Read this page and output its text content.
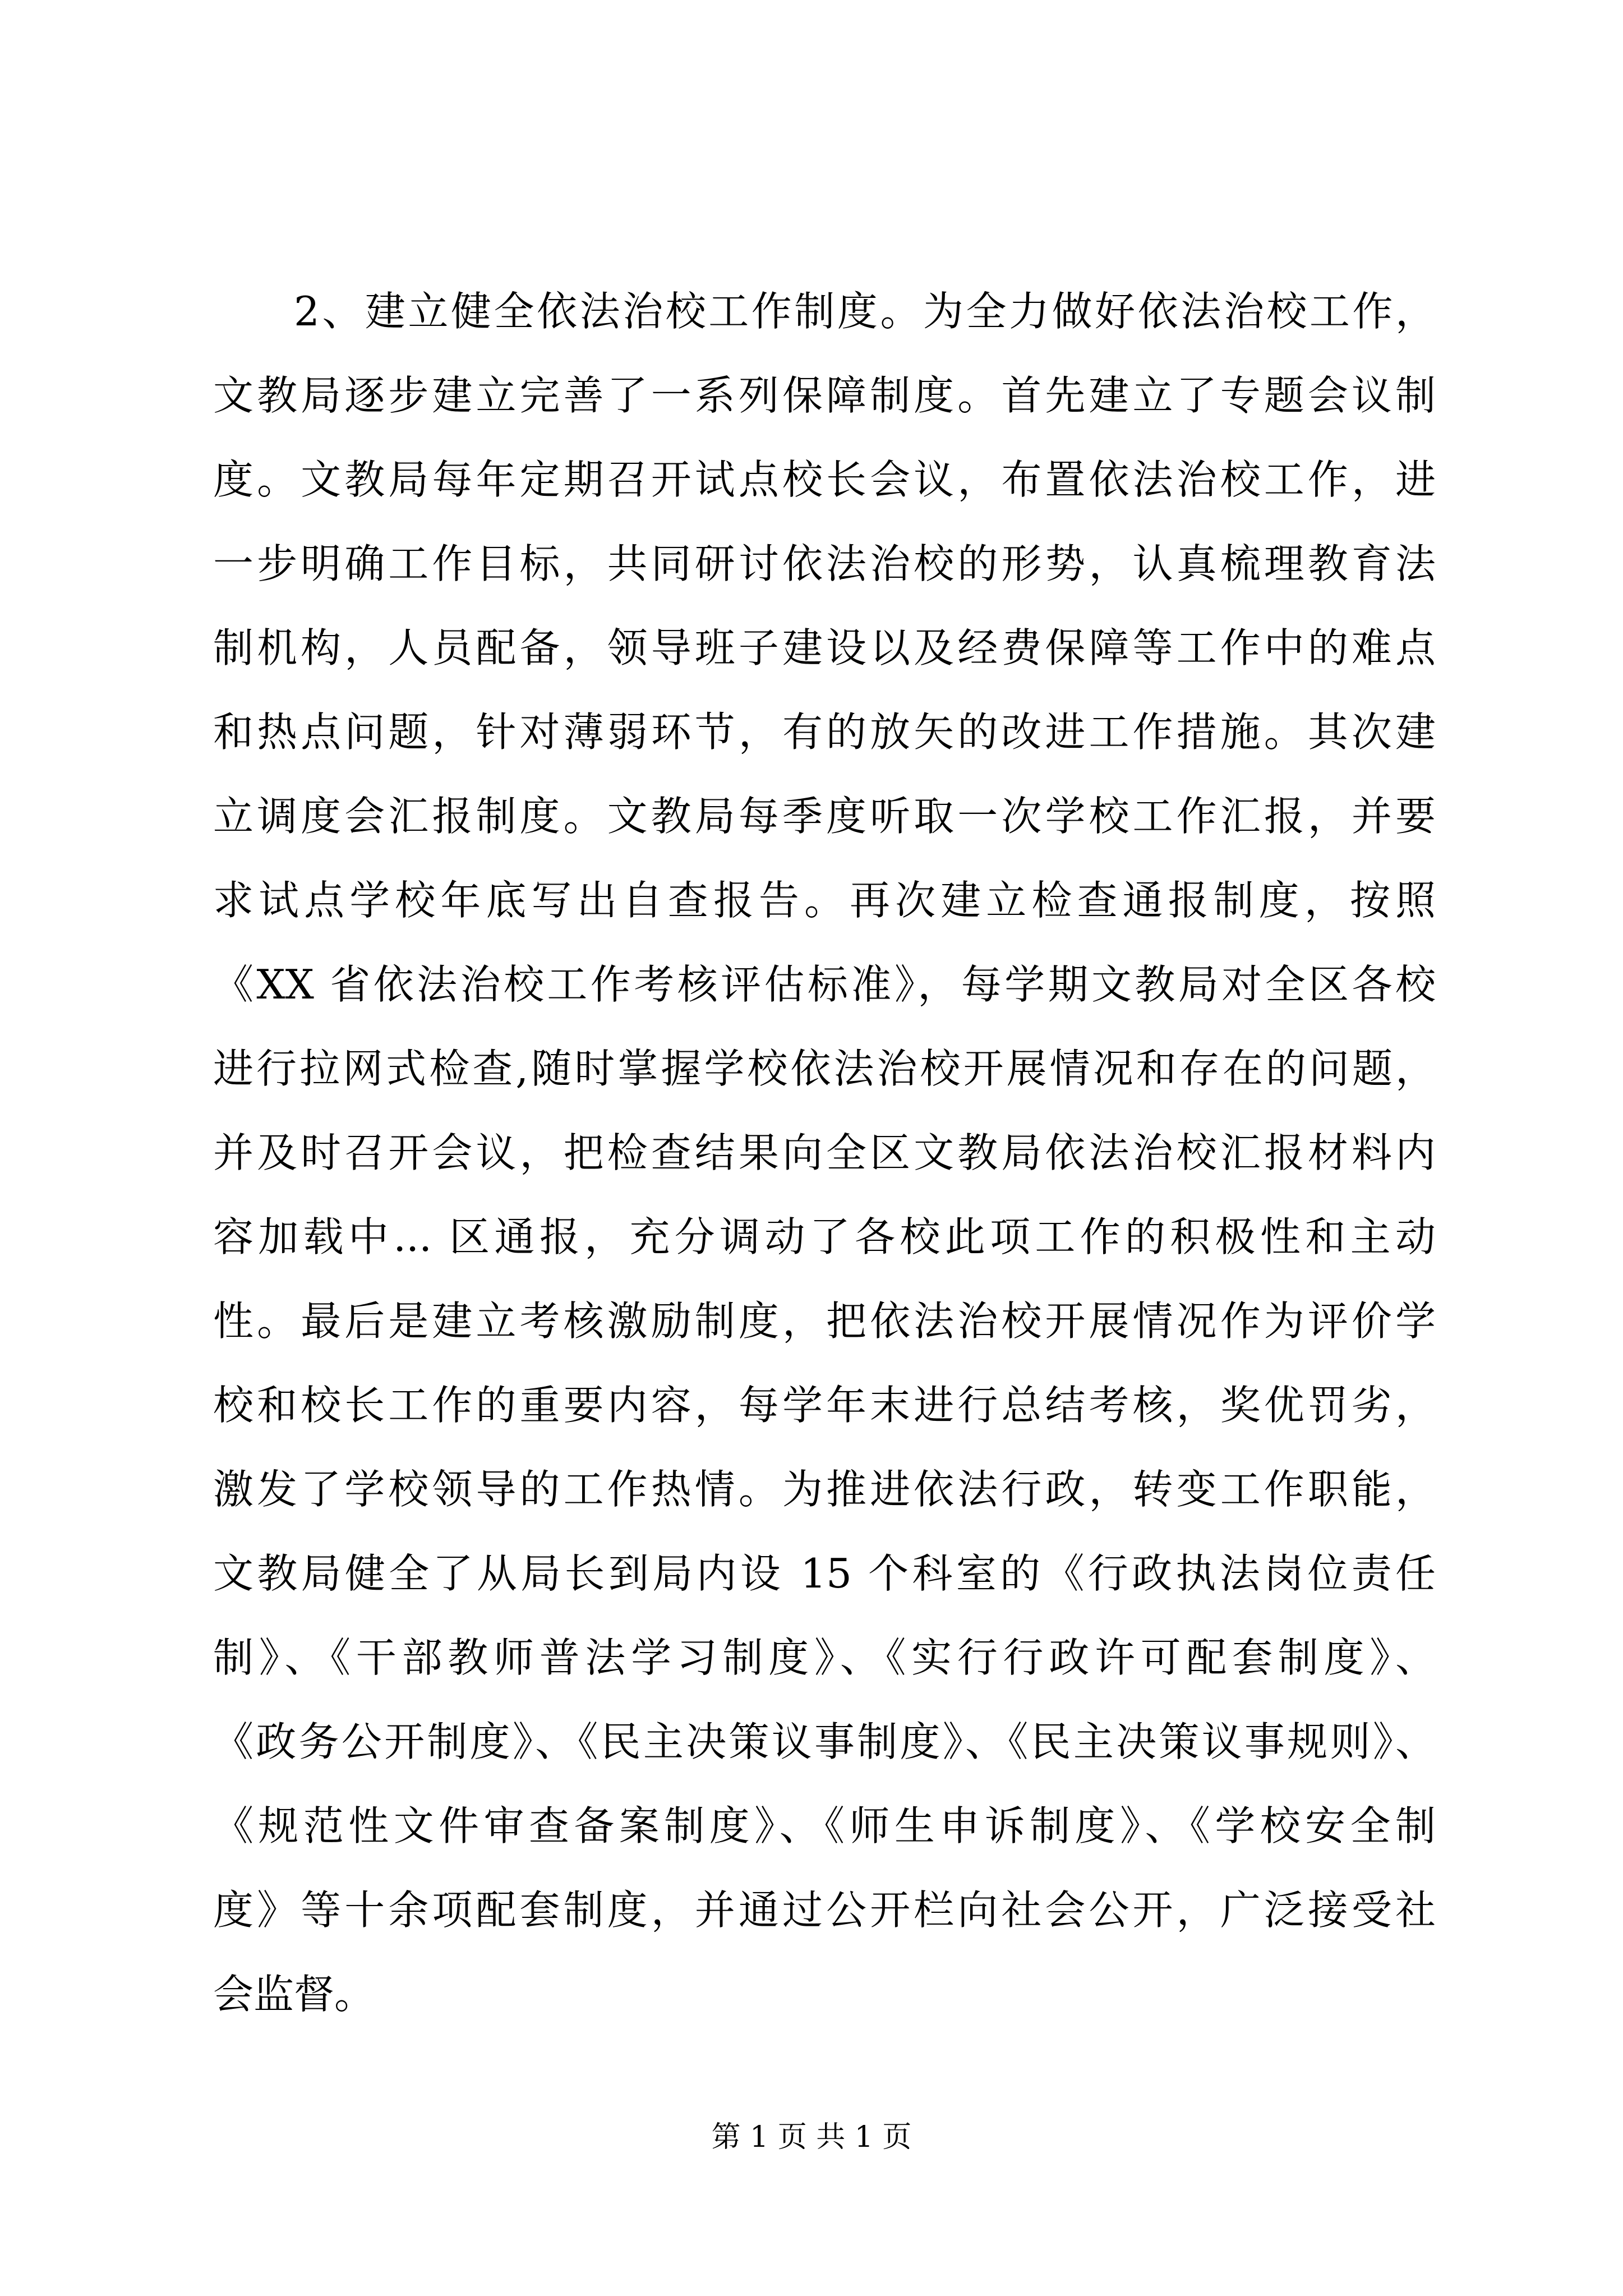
2、建立健全依法治校工作制度。为全力做好依法治校工作，
文教局逐步建立完善了一系列保障制度。首先建立了专题会议制
度。文教局每年定期召开试点校长会议，布置依法治校工作，进
一步明确工作目标，共同研讨依法治校的形势，认真梳理教育法
制机构，人员配备，领导班子建设以及经费保障等工作中的难点
和热点问题，针对薄弱环节，有的放矢的改进工作措施。其次建
立调度会汇报制度。文教局每季度听取一次学校工作汇报，并要
求试点学校年底写出自查报告。再次建立检查通报制度，按照
《XX 省依法治校工作考核评估标准》，每学期文教局对全区各校
进行拉网式检查,随时掌握学校依法治校开展情况和存在的问题，
并及时召开会议，把检查结果向全区文教局依法治校汇报材料内
容加载中... 区通报，充分调动了各校此项工作的积极性和主动
性。最后是建立考核激励制度，把依法治校开展情况作为评价学
校和校长工作的重要内容，每学年末进行总结考核，奖优罚劣，
激发了学校领导的工作热情。为推进依法行政，转变工作职能，
文教局健全了从局长到局内设 15 个科室的《行政执法岗位责任
制》、《干部教师普法学习制度》、《实行行政许可配套制度》、
《政务公开制度》、《民主决策议事制度》、《民主决策议事规则》、
《规范性文件审查备案制度》、《师生申诉制度》、《学校安全制
度》等十余项配套制度，并通过公开栏向社会公开，广泛接受社
会监督。
第 1 页 共 1 页
